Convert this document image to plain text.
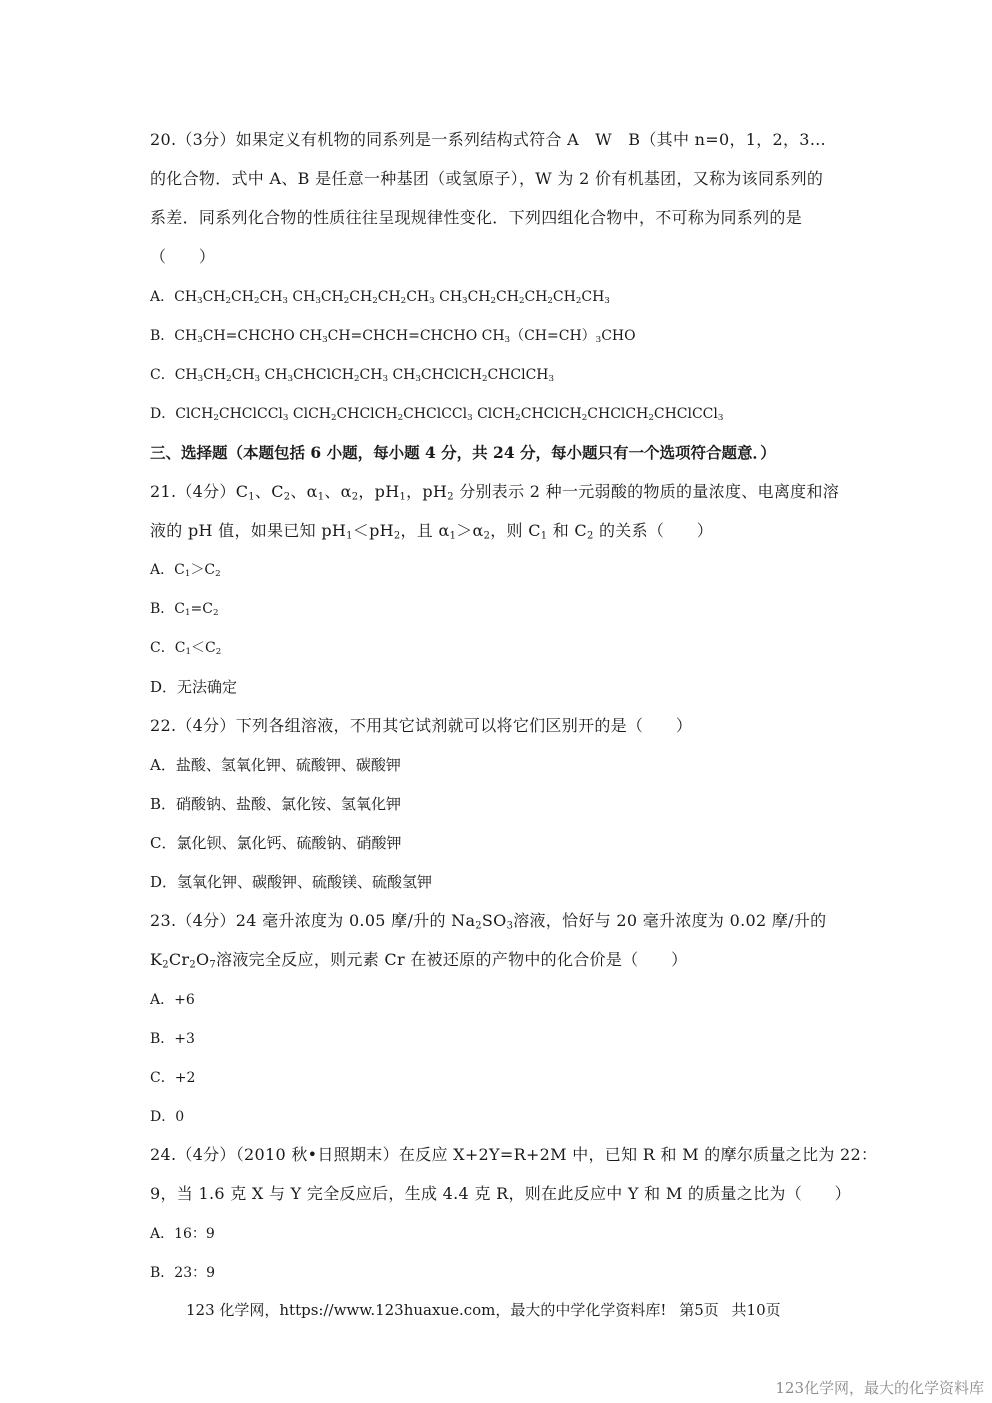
20.（3分）如果定义有机物的同系列是一系列结构式符合 A　W　B（其中 n=0，1，2，3…
的化合物．式中 A、B 是任意一种基团（或氢原子），W 为 2 价有机基团，又称为该同系列的
系差．同系列化合物的性质往往呈现规律性变化．下列四组化合物中，不可称为同系列的是
（　　）
A．$CH_3CH_2CH_2CH_3$ $CH_3CH_2CH_2CH_2CH_3$ $CH_3CH_2CH_2CH_2CH_2CH_3$
B．$CH_3CH=CHCHO$ $CH_3CH=CHCH=CHCHO$ $CH_3(CH=CH)_3CHO$
C．$CH_3CH_2CH_3$ $CH_3CHClCH_2CH_3$ $CH_3CHClCH_2CHClCH_3$
D．ClCH$_2$CHClCCl$_3$ ClCH$_2$CHClCH$_2$CHClCCl$_3$ ClCH$_2$CHClCH$_2$CHClCH$_2$CHClCCl$_3$
三、选择题（本题包括 6 小题，每小题 4 分，共 24 分，每小题只有一个选项符合题意．）
21.（4分）$C_1$、$C_2$、$\alpha_1$、$\alpha_2$，$pH_1$，$pH_2$ 分别表示 2 种一元弱酸的物质的量浓度、电离度和溶
液的 pH 值，如果已知 $pH_1<pH_2$，且 $\alpha_1>\alpha_2$，则 $C_1$ 和 $C_2$ 的关系（　　）
A．$C_1>C_2$
B．$C_1=C_2$
C．$C_1<C_2$
D．无法确定
22.（4分）下列各组溶液，不用其它试剂就可以将它们区别开的是（　　）
A．盐酸、氢氧化钾、硫酸钾、碳酸钾
B．硝酸钠、盐酸、氯化铵、氢氧化钾
C．氯化钡、氯化钙、硫酸钠、硝酸钾
D．氢氧化钾、碳酸钾、硫酸镁、硫酸氢钾
23.（4分）24 毫升浓度为 0.05 摩/升的 $Na_2SO_3$溶液，恰好与 20 毫升浓度为 0.02 摩/升的
$K_2Cr_2O_7$溶液完全反应，则元素 Cr 在被还原的产物中的化合价是（　　）
A．+6
B．+3
C．+2
D．0
24.（4分）（2010 秋•日照期末）在反应 X+2Y=R+2M 中，已知 R 和 M 的摩尔质量之比为 22：
9，当 1.6 克 X 与 Y 完全反应后，生成 4.4 克 R，则在此反应中 Y 和 M 的质量之比为（　　）
A．16：9
B．23：9
123 化学网，https://www.123huaxue.com，最大的中学化学资料库! 第5页 共10页
123化学网，最大的化学资料库
